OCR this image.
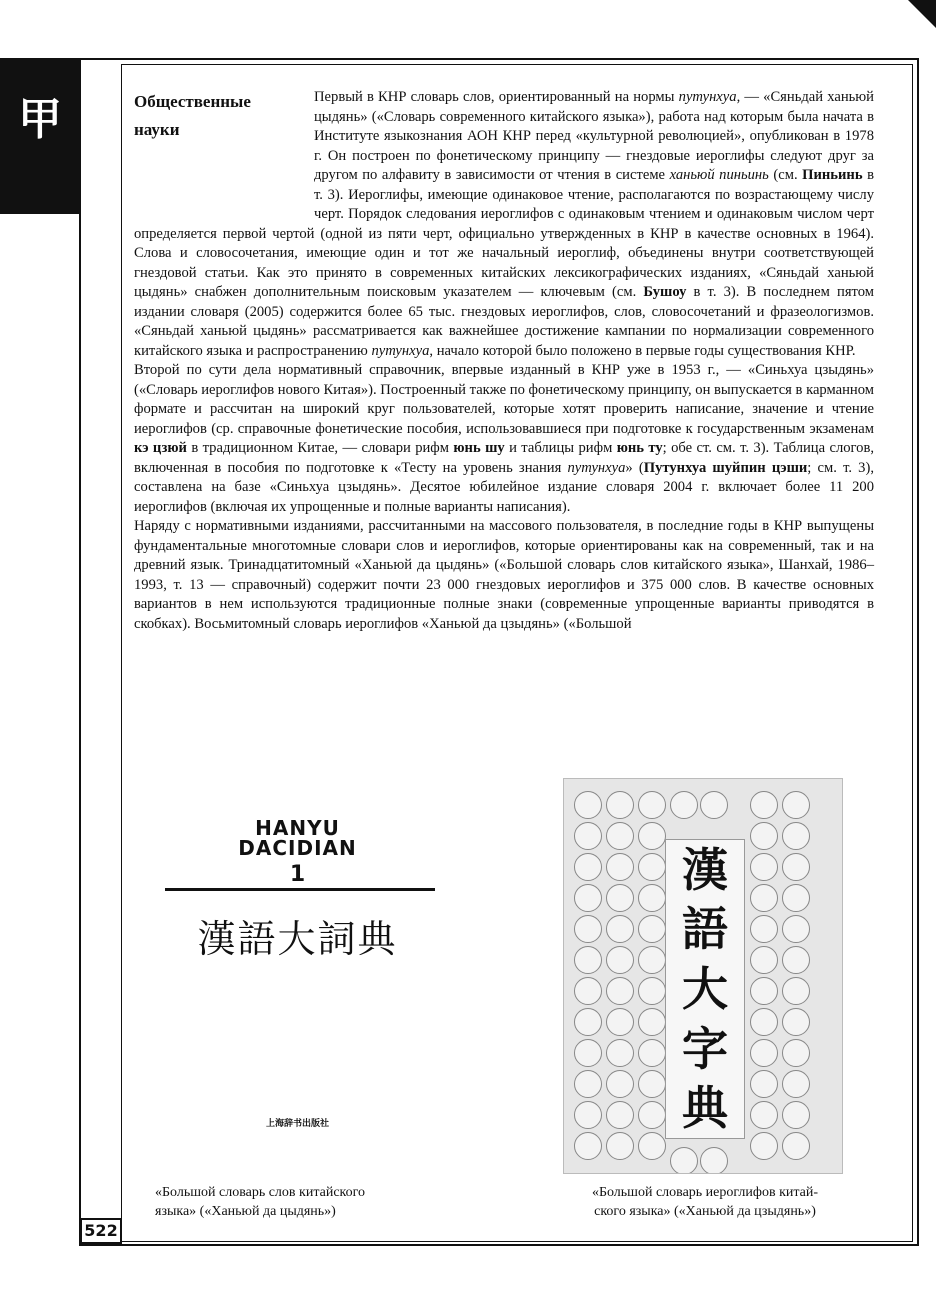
甲
522
Общественные
науки

Первый в КНР словарь слов, ориентированный на нормы путунхуа, — «Сяньдай ханьюй цыдянь» («Словарь современного китайского языка»), работа над которым была начата в Институте языкознания АОН КНР перед «культурной революцией», опубликован в 1978 г. Он построен по фонетическому принципу — гнездовые иероглифы следуют друг за другом по алфавиту в зависимости от чтения в системе ханьюй пиньинь (см. Пиньинь в т. 3). Иероглифы, имеющие одинаковое чтение, располагаются по возрастающему числу черт. Порядок следования иероглифов с одинаковым чтением и одинаковым числом черт определяется первой чертой (одной из пяти черт, официально утвержденных в КНР в качестве основных в 1964). Слова и словосочетания, имеющие один и тот же начальный иероглиф, объединены внутри соответствующей гнездовой статьи. Как это принято в современных китайских лексикографических изданиях, «Сяньдай ханьюй цыдянь» снабжен дополнительным поисковым указателем — ключевым (см. Бушоу в т. 3). В последнем пятом издании словаря (2005) содержится более 65 тыс. гнездовых иероглифов, слов, словосочетаний и фразеологизмов. «Сяньдай ханьюй цыдянь» рассматривается как важнейшее достижение кампании по нормализации современного китайского языка и распространению путунхуа, начало которой было положено в первые годы существования КНР.

Второй по сути дела нормативный справочник, впервые изданный в КНР уже в 1953 г., — «Синьхуа цзыдянь» («Словарь иероглифов нового Китая»). Построенный также по фонетическому принципу, он выпускается в карманном формате и рассчитан на широкий круг пользователей, которые хотят проверить написание, значение и чтение иероглифов (ср. справочные фонетические пособия, использовавшиеся при подготовке к государственным экзаменам кэ цзюй в традиционном Китае, — словари рифм юнь шу и таблицы рифм юнь ту; обе ст. см. т. 3). Таблица слогов, включенная в пособия по подготовке к «Тесту на уровень знания путунхуа» (Путунхуа шуйпин цэши; см. т. 3), составлена на базе «Синьхуа цзыдянь». Десятое юбилейное издание словаря 2004 г. включает более 11 200 иероглифов (включая их упрощенные и полные варианты написания).

Наряду с нормативными изданиями, рассчитанными на массового пользователя, в последние годы в КНР выпущены фундаментальные многотомные словари слов и иероглифов, которые ориентированы как на современный, так и на древний язык. Тринадцатитомный «Ханьюй да цыдянь» («Большой словарь слов китайского языка», Шанхай, 1986–1993, т. 13 — справочный) содержит почти 23 000 гнездовых иероглифов и 375 000 слов. В качестве основных вариантов в нем используются традиционные полные знаки (современные упрощенные варианты приводятся в скобках). Восьмитомный словарь иероглифов «Ханьюй да цзыдянь» («Большой

HANYU
DACIDIAN
1
漢語大詞典
上海辞书出版社
«Большой словарь слов китайского
языка» («Ханьюй да цыдянь»)
漢
語
大
字
典
«Большой словарь иероглифов китай-
ского языка» («Ханьюй да цзыдянь»)
